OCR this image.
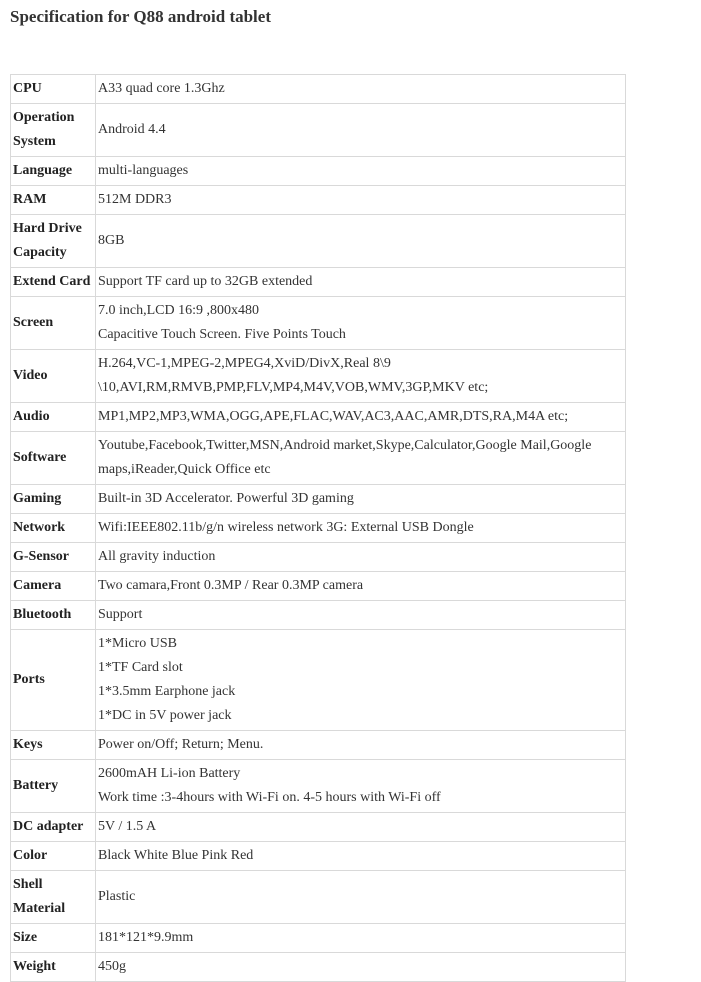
Specification for Q88 android tablet
CPU	A33 quad core 1.3Ghz

Operation System	Android 4.4

Language	multi-languages

RAM	512M DDR3

Hard Drive Capacity	8GB

Extend Card	Support TF card up to 32GB extended

Screen	7.0 inch,LCD 16:9 ,800x480
Capacitive Touch Screen. Five Points Touch

Video	H.264,VC-1,MPEG-2,MPEG4,XviD/DivX,Real 8\9
\10,AVI,RM,RMVB,PMP,FLV,MP4,M4V,VOB,WMV,3GP,MKV etc;

Audio	MP1,MP2,MP3,WMA,OGG,APE,FLAC,WAV,AC3,AAC,AMR,DTS,RA,M4A etc;

Software	Youtube,Facebook,Twitter,MSN,Android market,Skype,Calculator,Google Mail,Google
maps,iReader,Quick Office etc

Gaming	Built-in 3D Accelerator. Powerful 3D gaming

Network	Wifi:IEEE802.11b/g/n wireless network 3G: External USB Dongle

G-Sensor	All gravity induction

Camera	Two camara,Front 0.3MP / Rear 0.3MP camera

Bluetooth	Support

Ports	1*Micro USB
1*TF Card slot
1*3.5mm Earphone jack
1*DC in 5V power jack

Keys	Power on/Off; Return; Menu.

Battery	2600mAH Li-ion Battery
Work time :3-4hours with Wi-Fi on. 4-5 hours with Wi-Fi off

DC adapter	5V / 1.5 A

Color	Black White Blue Pink Red

Shell Material	Plastic

Size	181*121*9.9mm

Weight	450g
